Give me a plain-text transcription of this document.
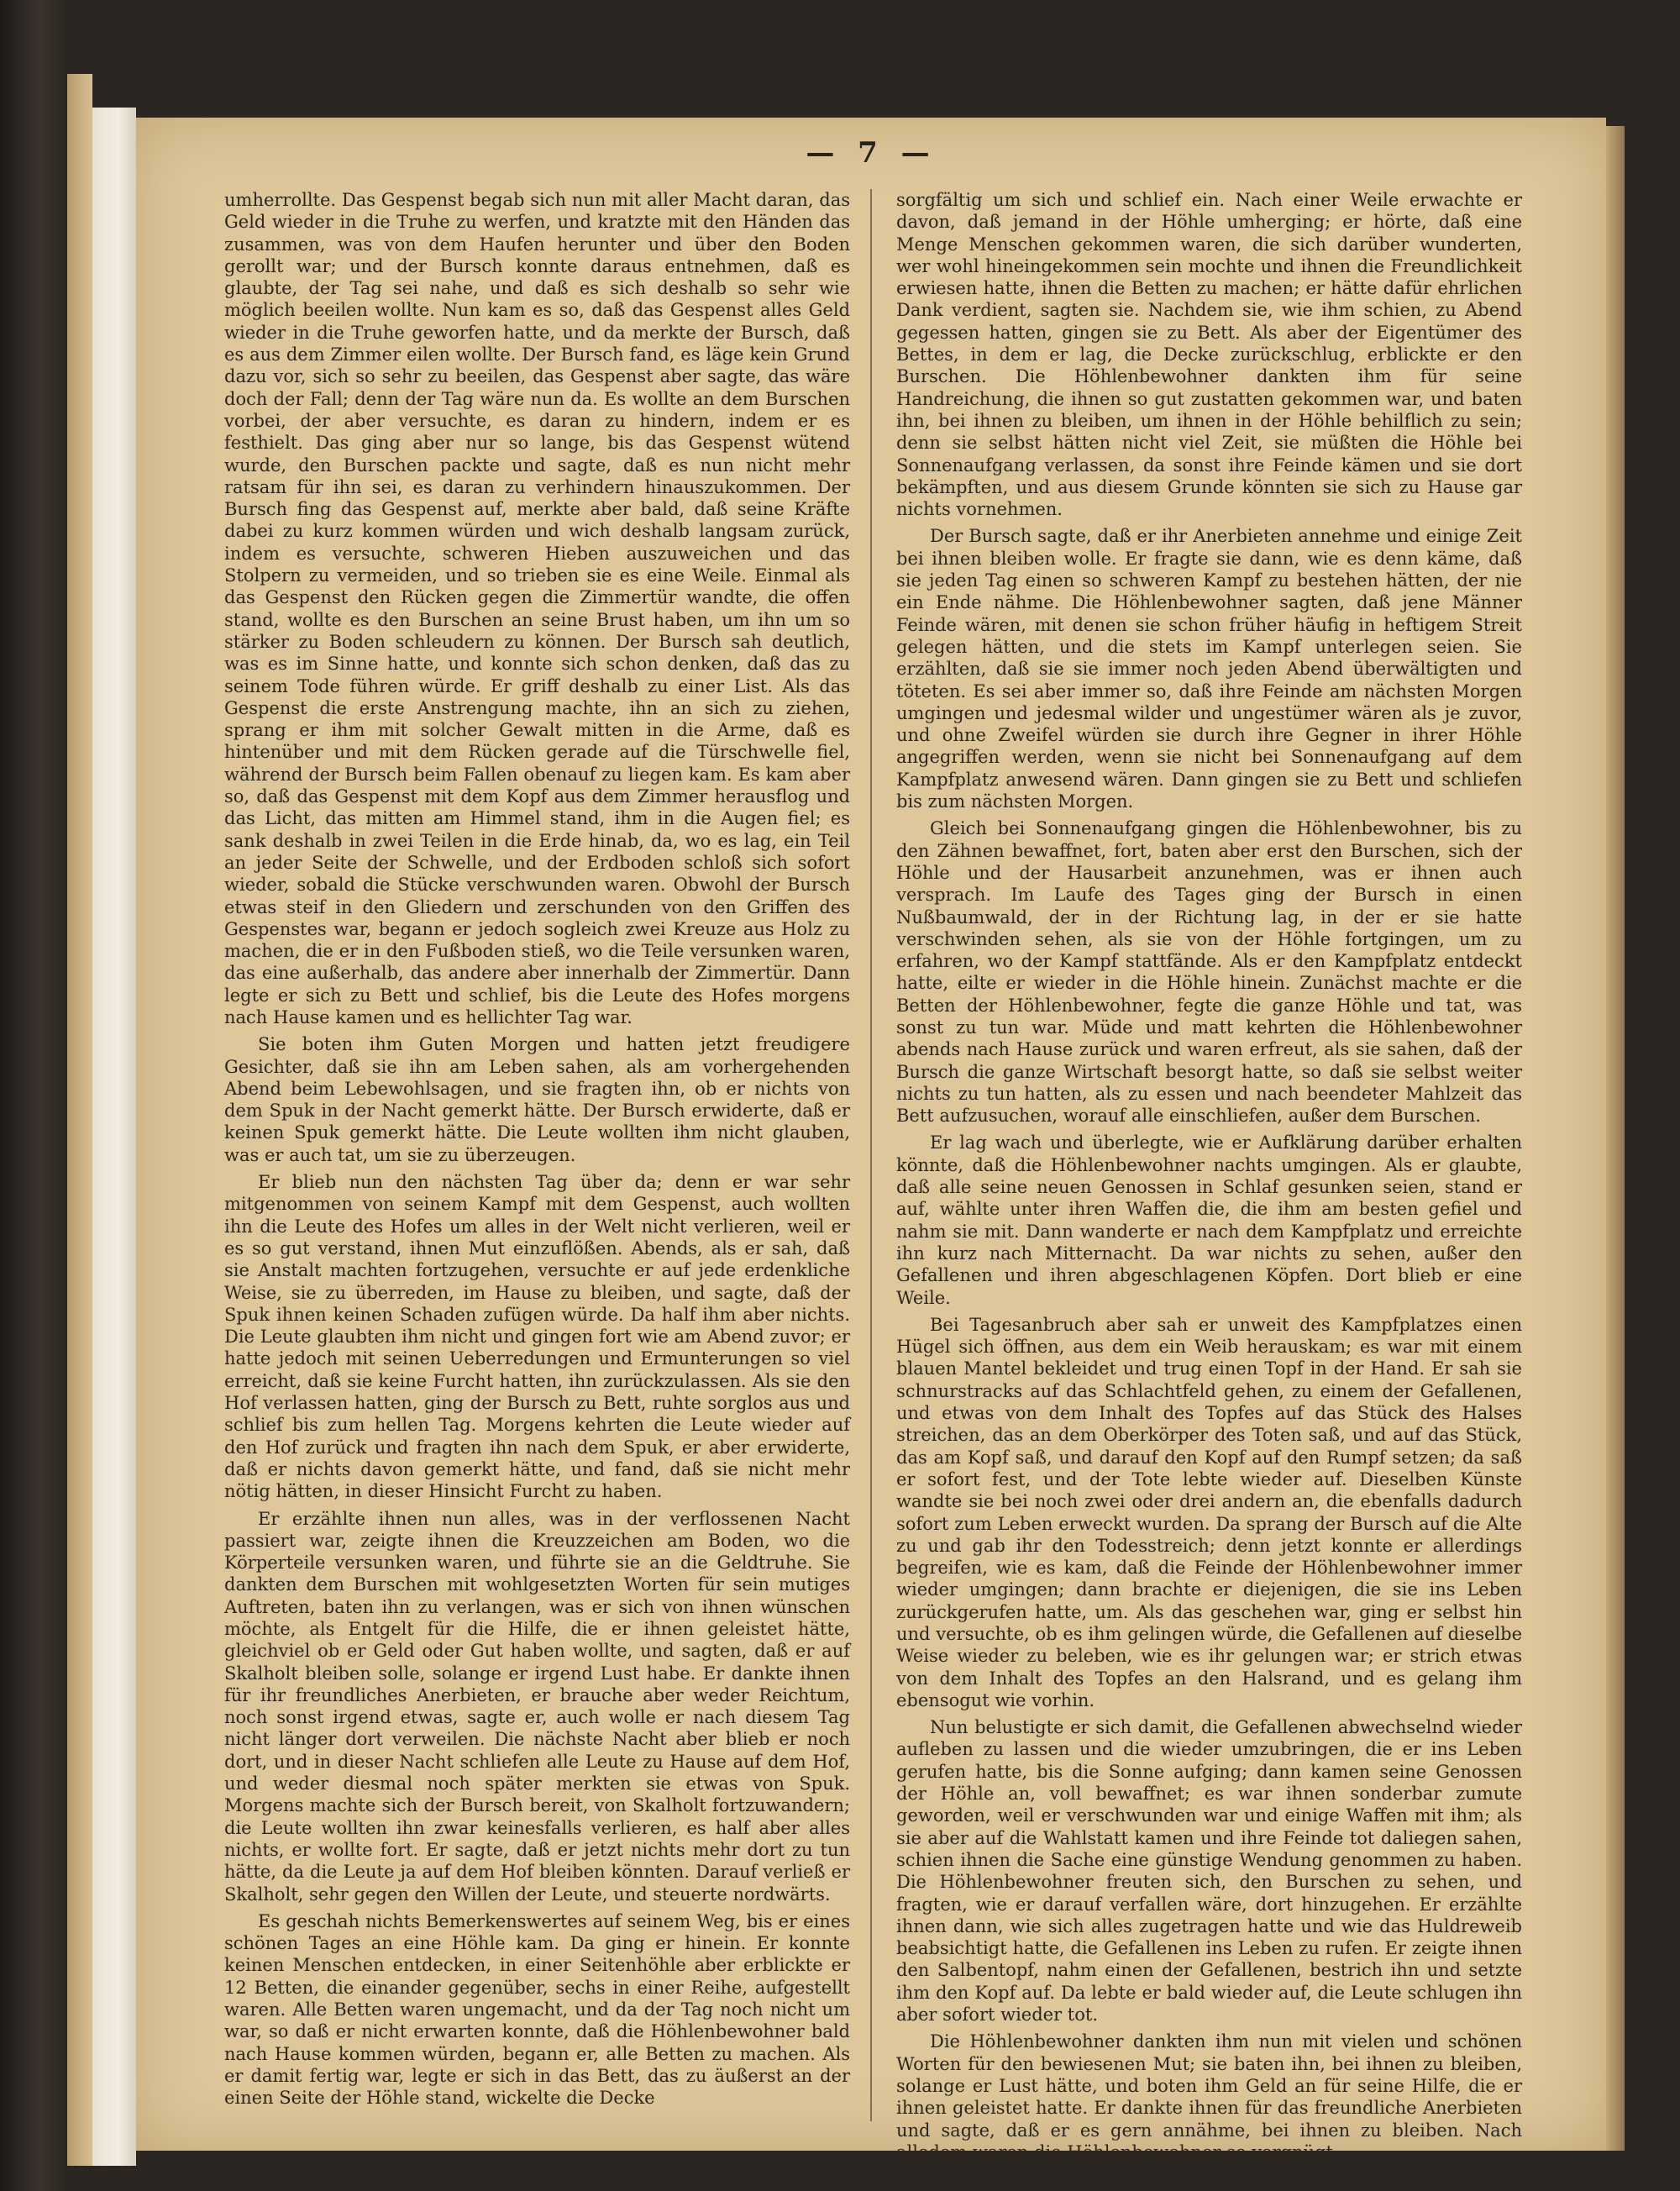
— 7 —

umherrollte. Das Gespenst begab sich nun mit aller Macht daran, das Geld wieder in die Truhe zu werfen, und kratzte mit den Händen das zusammen, was von dem Haufen herunter und über den Boden gerollt war; und der Bursch konnte daraus entnehmen, daß es glaubte, der Tag sei nahe, und daß es sich deshalb so sehr wie möglich beeilen wollte. Nun kam es so, daß das Gespenst alles Geld wieder in die Truhe geworfen hatte, und da merkte der Bursch, daß es aus dem Zimmer eilen wollte. Der Bursch fand, es läge kein Grund dazu vor, sich so sehr zu beeilen, das Gespenst aber sagte, das wäre doch der Fall; denn der Tag wäre nun da. Es wollte an dem Burschen vorbei, der aber versuchte, es daran zu hindern, indem er es festhielt. Das ging aber nur so lange, bis das Gespenst wütend wurde, den Burschen packte und sagte, daß es nun nicht mehr ratsam für ihn sei, es daran zu verhindern hinauszukommen. Der Bursch fing das Gespenst auf, merkte aber bald, daß seine Kräfte dabei zu kurz kommen würden und wich deshalb langsam zurück, indem es versuchte, schweren Hieben auszuweichen und das Stolpern zu vermeiden, und so trieben sie es eine Weile. Einmal als das Gespenst den Rücken gegen die Zimmertür wandte, die offen stand, wollte es den Burschen an seine Brust haben, um ihn um so stärker zu Boden schleudern zu können. Der Bursch sah deutlich, was es im Sinne hatte, und konnte sich schon denken, daß das zu seinem Tode führen würde. Er griff deshalb zu einer List. Als das Gespenst die erste Anstrengung machte, ihn an sich zu ziehen, sprang er ihm mit solcher Gewalt mitten in die Arme, daß es hintenüber und mit dem Rücken gerade auf die Türschwelle fiel, während der Bursch beim Fallen obenauf zu liegen kam. Es kam aber so, daß das Gespenst mit dem Kopf aus dem Zimmer herausflog und das Licht, das mitten am Himmel stand, ihm in die Augen fiel; es sank deshalb in zwei Teilen in die Erde hinab, da, wo es lag, ein Teil an jeder Seite der Schwelle, und der Erdboden schloß sich sofort wieder, sobald die Stücke verschwunden waren. Obwohl der Bursch etwas steif in den Gliedern und zerschunden von den Griffen des Gespenstes war, begann er jedoch sogleich zwei Kreuze aus Holz zu machen, die er in den Fußboden stieß, wo die Teile versunken waren, das eine außerhalb, das andere aber innerhalb der Zimmertür. Dann legte er sich zu Bett und schlief, bis die Leute des Hofes morgens nach Hause kamen und es hellichter Tag war.

Sie boten ihm Guten Morgen und hatten jetzt freudigere Gesichter, daß sie ihn am Leben sahen, als am vorhergehenden Abend beim Lebewohlsagen, und sie fragten ihn, ob er nichts von dem Spuk in der Nacht gemerkt hätte. Der Bursch erwiderte, daß er keinen Spuk gemerkt hätte. Die Leute wollten ihm nicht glauben, was er auch tat, um sie zu überzeugen.

Er blieb nun den nächsten Tag über da; denn er war sehr mitgenommen von seinem Kampf mit dem Gespenst, auch wollten ihn die Leute des Hofes um alles in der Welt nicht verlieren, weil er es so gut verstand, ihnen Mut einzuflößen. Abends, als er sah, daß sie Anstalt machten fortzugehen, versuchte er auf jede erdenkliche Weise, sie zu überreden, im Hause zu bleiben, und sagte, daß der Spuk ihnen keinen Schaden zufügen würde. Da half ihm aber nichts. Die Leute glaubten ihm nicht und gingen fort wie am Abend zuvor; er hatte jedoch mit seinen Ueberredungen und Ermunterungen so viel erreicht, daß sie keine Furcht hatten, ihn zurückzulassen. Als sie den Hof verlassen hatten, ging der Bursch zu Bett, ruhte sorglos aus und schlief bis zum hellen Tag. Morgens kehrten die Leute wieder auf den Hof zurück und fragten ihn nach dem Spuk, er aber erwiderte, daß er nichts davon gemerkt hätte, und fand, daß sie nicht mehr nötig hätten, in dieser Hinsicht Furcht zu haben.

Er erzählte ihnen nun alles, was in der verflossenen Nacht passiert war, zeigte ihnen die Kreuzzeichen am Boden, wo die Körperteile versunken waren, und führte sie an die Geldtruhe. Sie dankten dem Burschen mit wohlgesetzten Worten für sein mutiges Auftreten, baten ihn zu verlangen, was er sich von ihnen wünschen möchte, als Entgelt für die Hilfe, die er ihnen geleistet hätte, gleichviel ob er Geld oder Gut haben wollte, und sagten, daß er auf Skalholt bleiben solle, solange er irgend Lust habe. Er dankte ihnen für ihr freundliches Anerbieten, er brauche aber weder Reichtum, noch sonst irgend etwas, sagte er, auch wolle er nach diesem Tag nicht länger dort verweilen. Die nächste Nacht aber blieb er noch dort, und in dieser Nacht schliefen alle Leute zu Hause auf dem Hof, und weder diesmal noch später merkten sie etwas von Spuk. Morgens machte sich der Bursch bereit, von Skalholt fortzuwandern; die Leute wollten ihn zwar keinesfalls verlieren, es half aber alles nichts, er wollte fort. Er sagte, daß er jetzt nichts mehr dort zu tun hätte, da die Leute ja auf dem Hof bleiben könnten. Darauf verließ er Skalholt, sehr gegen den Willen der Leute, und steuerte nordwärts.

Es geschah nichts Bemerkenswertes auf seinem Weg, bis er eines schönen Tages an eine Höhle kam. Da ging er hinein. Er konnte keinen Menschen entdecken, in einer Seitenhöhle aber erblickte er 12 Betten, die einander gegenüber, sechs in einer Reihe, aufgestellt waren. Alle Betten waren ungemacht, und da der Tag noch nicht um war, so daß er nicht erwarten konnte, daß die Höhlenbewohner bald nach Hause kommen würden, begann er, alle Betten zu machen. Als er damit fertig war, legte er sich in das Bett, das zu äußerst an der einen Seite der Höhle stand, wickelte die Decke

sorgfältig um sich und schlief ein. Nach einer Weile erwachte er davon, daß jemand in der Höhle umherging; er hörte, daß eine Menge Menschen gekommen waren, die sich darüber wunderten, wer wohl hineingekommen sein mochte und ihnen die Freundlichkeit erwiesen hatte, ihnen die Betten zu machen; er hätte dafür ehrlichen Dank verdient, sagten sie. Nachdem sie, wie ihm schien, zu Abend gegessen hatten, gingen sie zu Bett. Als aber der Eigentümer des Bettes, in dem er lag, die Decke zurückschlug, erblickte er den Burschen. Die Höhlenbewohner dankten ihm für seine Handreichung, die ihnen so gut zustatten gekommen war, und baten ihn, bei ihnen zu bleiben, um ihnen in der Höhle behilflich zu sein; denn sie selbst hätten nicht viel Zeit, sie müßten die Höhle bei Sonnenaufgang verlassen, da sonst ihre Feinde kämen und sie dort bekämpften, und aus diesem Grunde könnten sie sich zu Hause gar nichts vornehmen.

Der Bursch sagte, daß er ihr Anerbieten annehme und einige Zeit bei ihnen bleiben wolle. Er fragte sie dann, wie es denn käme, daß sie jeden Tag einen so schweren Kampf zu bestehen hätten, der nie ein Ende nähme. Die Höhlenbewohner sagten, daß jene Männer Feinde wären, mit denen sie schon früher häufig in heftigem Streit gelegen hätten, und die stets im Kampf unterlegen seien. Sie erzählten, daß sie sie immer noch jeden Abend überwältigten und töteten. Es sei aber immer so, daß ihre Feinde am nächsten Morgen umgingen und jedesmal wilder und ungestümer wären als je zuvor, und ohne Zweifel würden sie durch ihre Gegner in ihrer Höhle angegriffen werden, wenn sie nicht bei Sonnenaufgang auf dem Kampfplatz anwesend wären. Dann gingen sie zu Bett und schliefen bis zum nächsten Morgen.

Gleich bei Sonnenaufgang gingen die Höhlenbewohner, bis zu den Zähnen bewaffnet, fort, baten aber erst den Burschen, sich der Höhle und der Hausarbeit anzunehmen, was er ihnen auch versprach. Im Laufe des Tages ging der Bursch in einen Nußbaumwald, der in der Richtung lag, in der er sie hatte verschwinden sehen, als sie von der Höhle fortgingen, um zu erfahren, wo der Kampf stattfände. Als er den Kampfplatz entdeckt hatte, eilte er wieder in die Höhle hinein. Zunächst machte er die Betten der Höhlenbewohner, fegte die ganze Höhle und tat, was sonst zu tun war. Müde und matt kehrten die Höhlenbewohner abends nach Hause zurück und waren erfreut, als sie sahen, daß der Bursch die ganze Wirtschaft besorgt hatte, so daß sie selbst weiter nichts zu tun hatten, als zu essen und nach beendeter Mahlzeit das Bett aufzusuchen, worauf alle einschliefen, außer dem Burschen.

Er lag wach und überlegte, wie er Aufklärung darüber erhalten könnte, daß die Höhlenbewohner nachts umgingen. Als er glaubte, daß alle seine neuen Genossen in Schlaf gesunken seien, stand er auf, wählte unter ihren Waffen die, die ihm am besten gefiel und nahm sie mit. Dann wanderte er nach dem Kampfplatz und erreichte ihn kurz nach Mitternacht. Da war nichts zu sehen, außer den Gefallenen und ihren abgeschlagenen Köpfen. Dort blieb er eine Weile.

Bei Tagesanbruch aber sah er unweit des Kampfplatzes einen Hügel sich öffnen, aus dem ein Weib herauskam; es war mit einem blauen Mantel bekleidet und trug einen Topf in der Hand. Er sah sie schnurstracks auf das Schlachtfeld gehen, zu einem der Gefallenen, und etwas von dem Inhalt des Topfes auf das Stück des Halses streichen, das an dem Oberkörper des Toten saß, und auf das Stück, das am Kopf saß, und darauf den Kopf auf den Rumpf setzen; da saß er sofort fest, und der Tote lebte wieder auf. Dieselben Künste wandte sie bei noch zwei oder drei andern an, die ebenfalls dadurch sofort zum Leben erweckt wurden. Da sprang der Bursch auf die Alte zu und gab ihr den Todesstreich; denn jetzt konnte er allerdings begreifen, wie es kam, daß die Feinde der Höhlenbewohner immer wieder umgingen; dann brachte er diejenigen, die sie ins Leben zurückgerufen hatte, um. Als das geschehen war, ging er selbst hin und versuchte, ob es ihm gelingen würde, die Gefallenen auf dieselbe Weise wieder zu beleben, wie es ihr gelungen war; er strich etwas von dem Inhalt des Topfes an den Halsrand, und es gelang ihm ebensogut wie vorhin.

Nun belustigte er sich damit, die Gefallenen abwechselnd wieder aufleben zu lassen und die wieder umzubringen, die er ins Leben gerufen hatte, bis die Sonne aufging; dann kamen seine Genossen der Höhle an, voll bewaffnet; es war ihnen sonderbar zumute geworden, weil er verschwunden war und einige Waffen mit ihm; als sie aber auf die Wahlstatt kamen und ihre Feinde tot daliegen sahen, schien ihnen die Sache eine günstige Wendung genommen zu haben. Die Höhlenbewohner freuten sich, den Burschen zu sehen, und fragten, wie er darauf verfallen wäre, dort hinzugehen. Er erzählte ihnen dann, wie sich alles zugetragen hatte und wie das Huldreweib beabsichtigt hatte, die Gefallenen ins Leben zu rufen. Er zeigte ihnen den Salbentopf, nahm einen der Gefallenen, bestrich ihn und setzte ihm den Kopf auf. Da lebte er bald wieder auf, die Leute schlugen ihn aber sofort wieder tot.

Die Höhlenbewohner dankten ihm nun mit vielen und schönen Worten für den bewiesenen Mut; sie baten ihn, bei ihnen zu bleiben, solange er Lust hätte, und boten ihm Geld an für seine Hilfe, die er ihnen geleistet hatte. Er dankte ihnen für das freundliche Anerbieten und sagte, daß er es gern annähme, bei ihnen zu bleiben. Nach alledem waren die Höhlenbewohner so vergnügt
